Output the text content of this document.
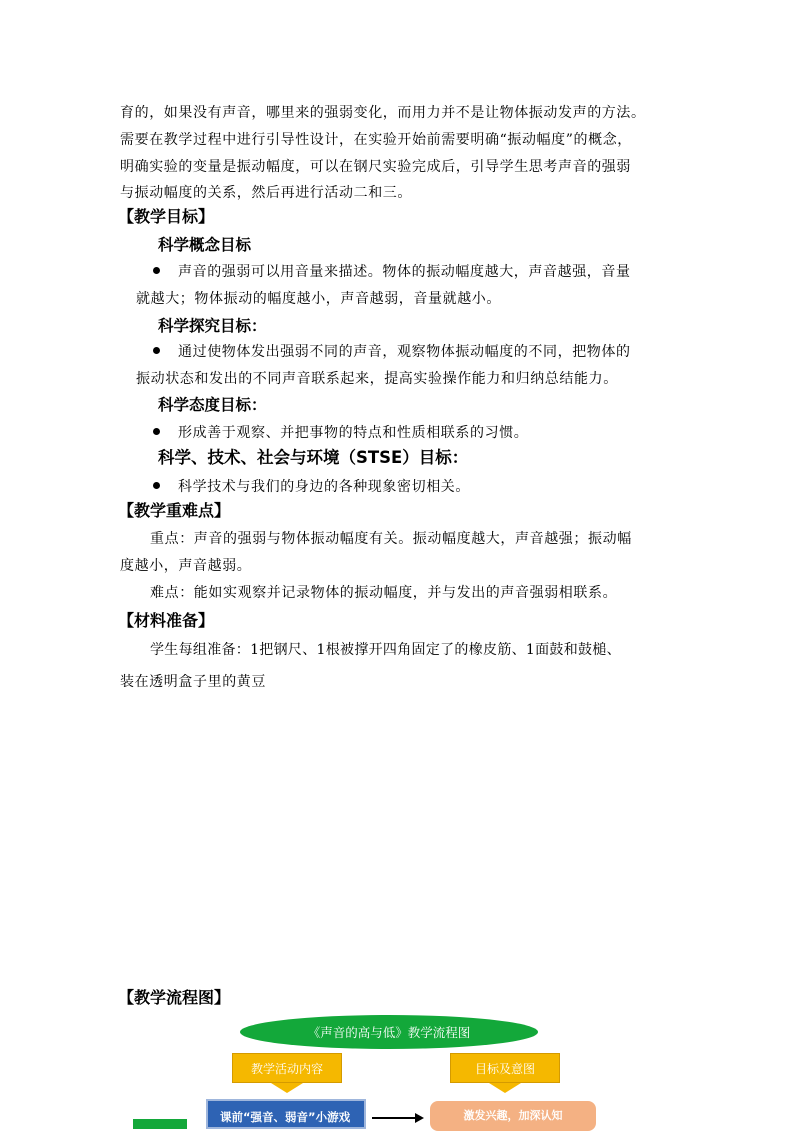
育的，如果没有声音，哪里来的强弱变化，而用力并不是让物体振动发声的方法。
需要在教学过程中进行引导性设计，在实验开始前需要明确“振动幅度”的概念，
明确实验的变量是振动幅度，可以在钢尺实验完成后，引导学生思考声音的强弱
与振动幅度的关系，然后再进行活动二和三。
【教学目标】
科学概念目标
声音的强弱可以用音量来描述。物体的振动幅度越大，声音越强，音量
就越大；物体振动的幅度越小，声音越弱，音量就越小。
科学探究目标：
通过使物体发出强弱不同的声音，观察物体振动幅度的不同，把物体的
振动状态和发出的不同声音联系起来，提高实验操作能力和归纳总结能力。
科学态度目标：
形成善于观察、并把事物的特点和性质相联系的习惯。
科学、技术、社会与环境（STSE）目标：
科学技术与我们的身边的各种现象密切相关。
【教学重难点】
重点：声音的强弱与物体振动幅度有关。振动幅度越大，声音越强；振动幅
度越小，声音越弱。
难点：能如实观察并记录物体的振动幅度，并与发出的声音强弱相联系。
【材料准备】
学生每组准备：1把钢尺、1根被撑开四角固定了的橡皮筋、1面鼓和鼓槌、
装在透明盒子里的黄豆
【教学流程图】
《声音的高与低》教学流程图
教学活动内容	目标及意图
课前“强音、弱音”小游戏	激发兴趣，加深认知
